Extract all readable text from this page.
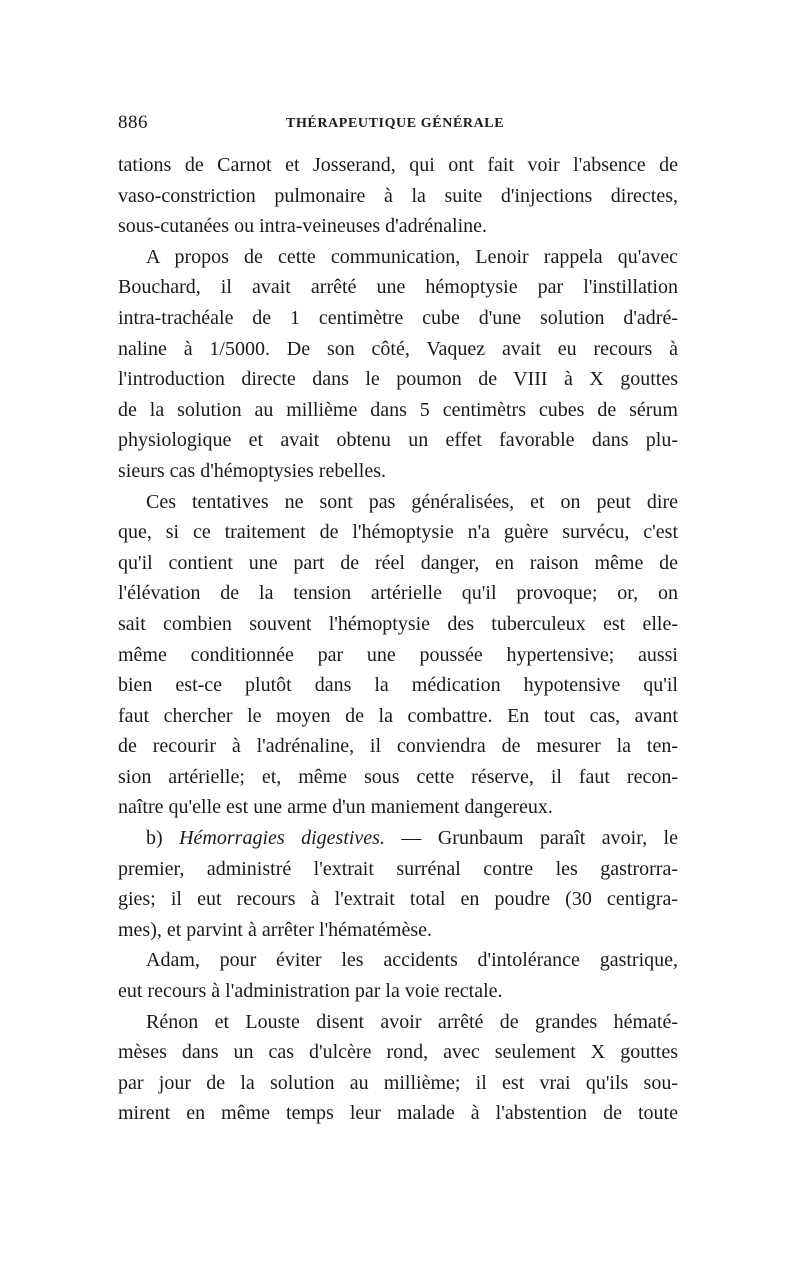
886	THÉRAPEUTIQUE GÉNÉRALE
tations de Carnot et Josserand, qui ont fait voir l'absence de
vaso-constriction pulmonaire à la suite d'injections directes,
sous-cutanées ou intra-veineuses d'adrénaline.
A propos de cette communication, Lenoir rappela qu'avec
Bouchard, il avait arrêté une hémoptysie par l'instillation
intra-trachéale de 1 centimètre cube d'une solution d'adré-
naline à 1/5000. De son côté, Vaquez avait eu recours à
l'introduction directe dans le poumon de VIII à X gouttes
de la solution au millième dans 5 centimètrs cubes de sérum
physiologique et avait obtenu un effet favorable dans plu-
sieurs cas d'hémoptysies rebelles.
Ces tentatives ne sont pas généralisées, et on peut dire
que, si ce traitement de l'hémoptysie n'a guère survécu, c'est
qu'il contient une part de réel danger, en raison même de
l'élévation de la tension artérielle qu'il provoque; or, on
sait combien souvent l'hémoptysie des tuberculeux est elle-
même conditionnée par une poussée hypertensive; aussi
bien est-ce plutôt dans la médication hypotensive qu'il
faut chercher le moyen de la combattre. En tout cas, avant
de recourir à l'adrénaline, il conviendra de mesurer la ten-
sion artérielle; et, même sous cette réserve, il faut recon-
naître qu'elle est une arme d'un maniement dangereux.
b) Hémorragies digestives. — Grunbaum paraît avoir, le
premier, administré l'extrait surrénal contre les gastrorra-
gies; il eut recours à l'extrait total en poudre (30 centigra-
mes), et parvint à arrêter l'hématémèse.
Adam, pour éviter les accidents d'intolérance gastrique,
eut recours à l'administration par la voie rectale.
Rénon et Louste disent avoir arrêté de grandes hématé-
mèses dans un cas d'ulcère rond, avec seulement X gouttes
par jour de la solution au millième; il est vrai qu'ils sou-
mirent en même temps leur malade à l'abstention de toute
